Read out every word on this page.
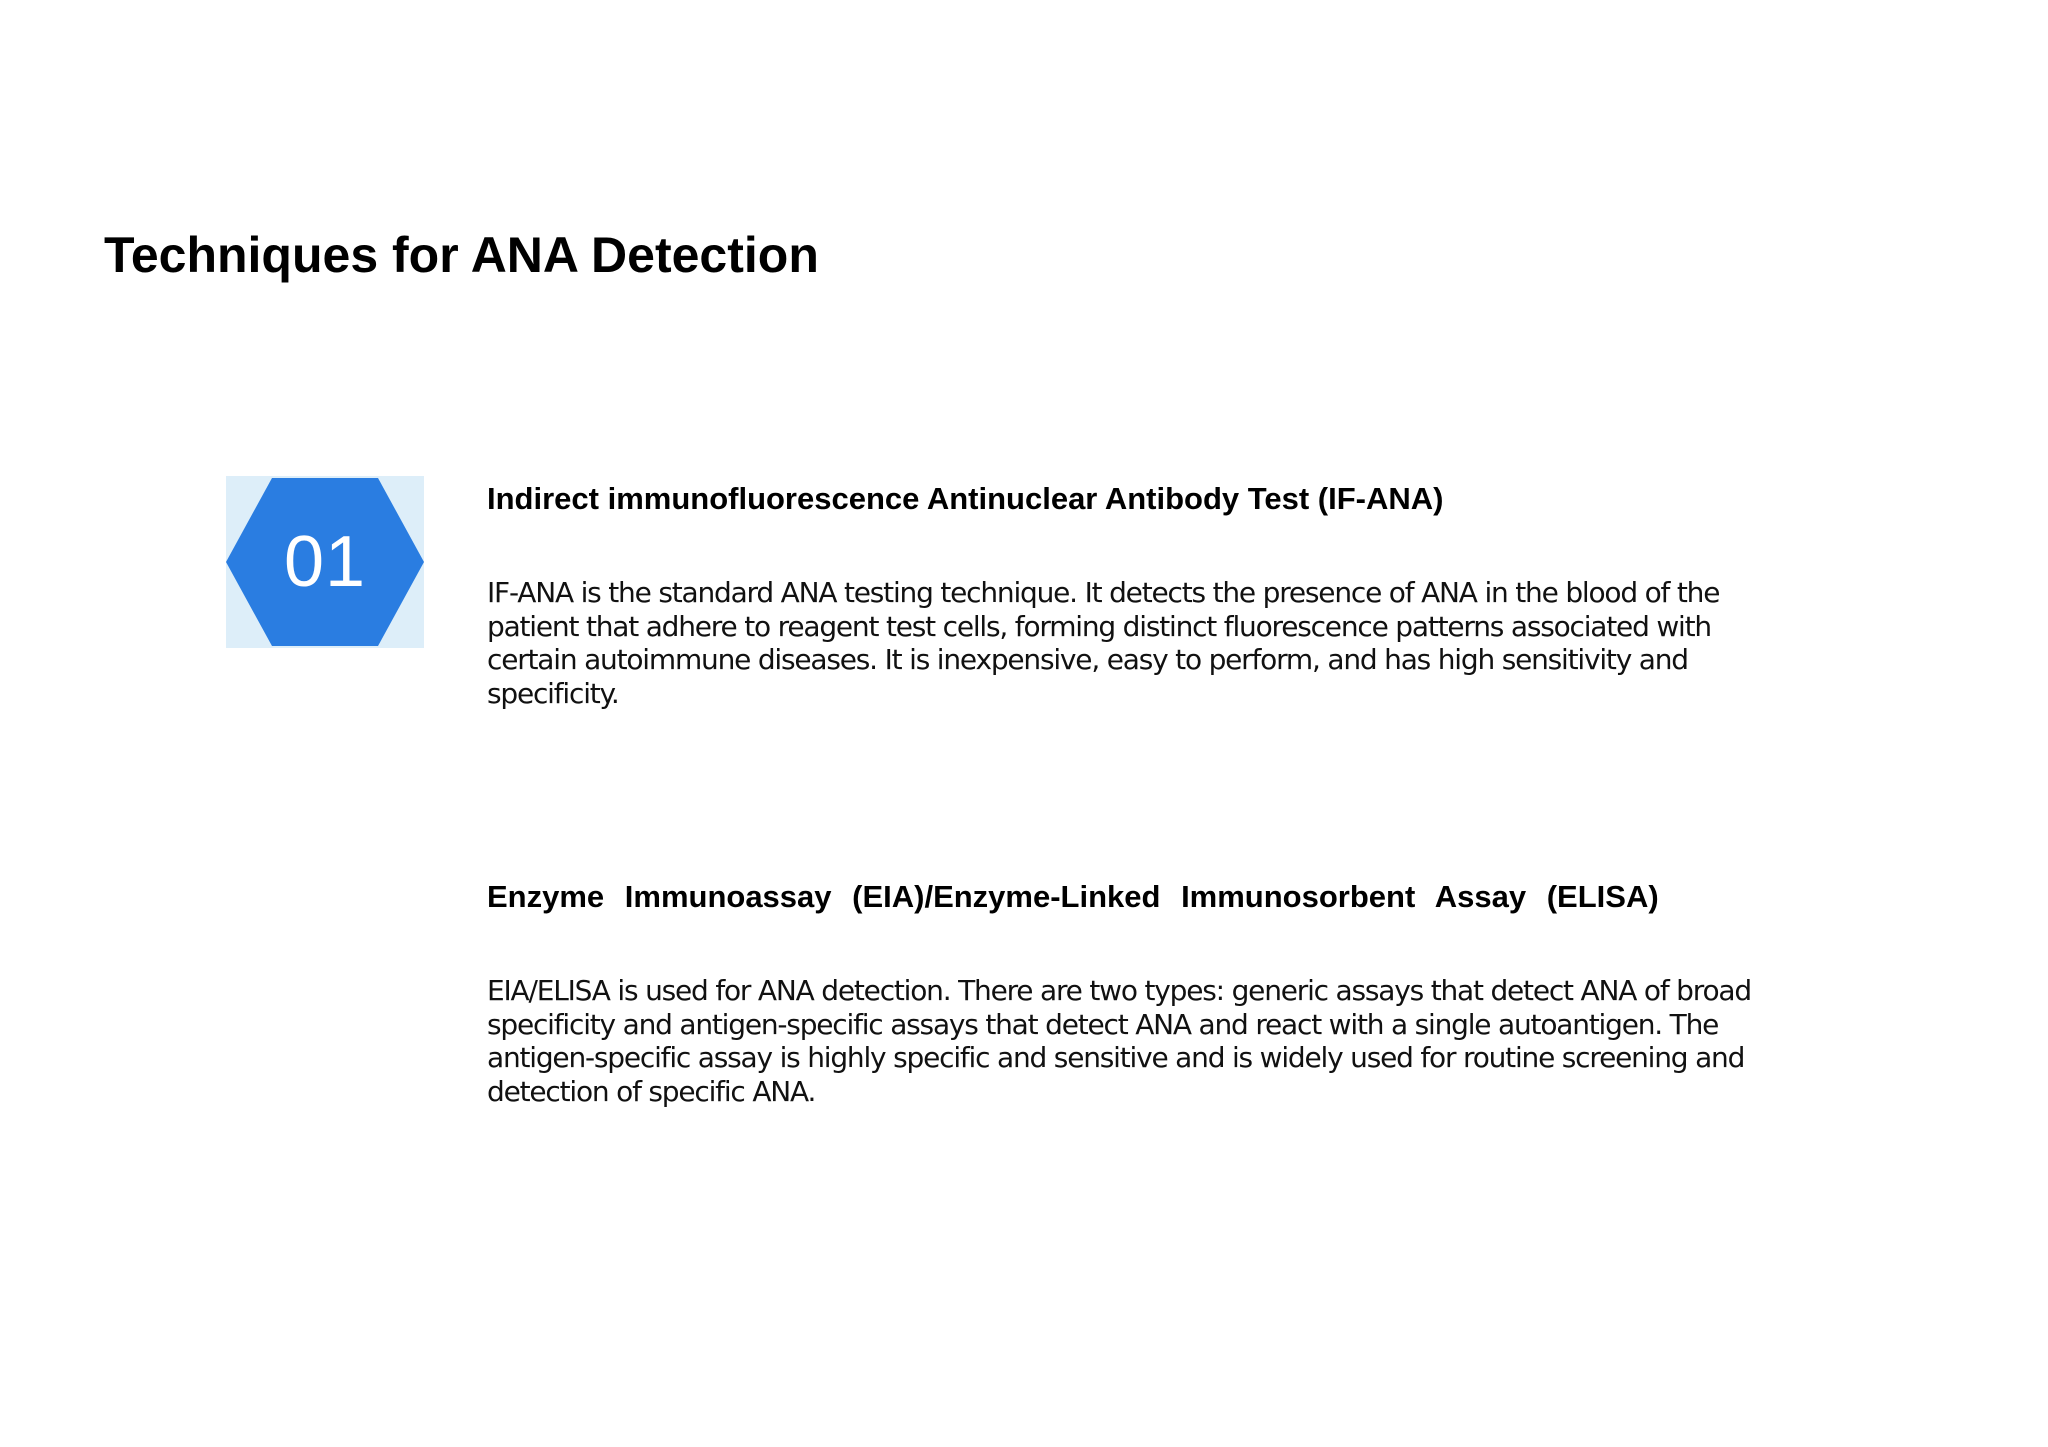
Techniques for ANA Detection
01
Indirect immunofluorescence Antinuclear Antibody Test (IF-ANA)

IF-ANA is the standard ANA testing technique. It detects the presence of ANA in the blood of the patient that adhere to reagent test cells, forming distinct fluorescence patterns associated with certain autoimmune diseases. It is inexpensive, easy to perform, and has high sensitivity and specificity.

Enzyme Immunoassay (EIA)/Enzyme-Linked Immunosorbent Assay (ELISA)

EIA/ELISA is used for ANA detection. There are two types: generic assays that detect ANA of broad specificity and antigen-specific assays that detect ANA and react with a single autoantigen. The antigen-specific assay is highly specific and sensitive and is widely used for routine screening and detection of specific ANA.
